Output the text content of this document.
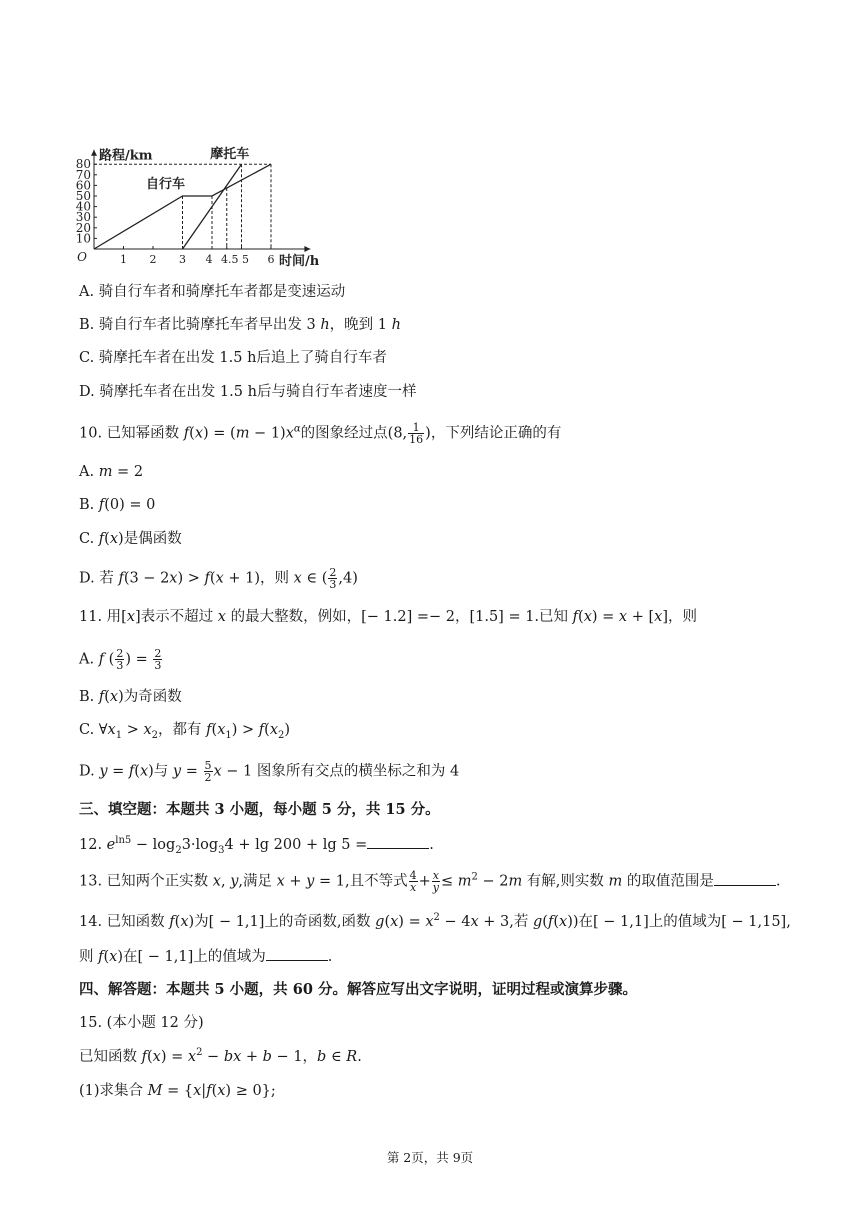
10
20
30
40
50
60
70
80
1 2 3 4 4.5 5 6
O
路程/km
时间/h
自行车
摩托车
A. 骑自行车者和骑摩托车者都是变速运动
B. 骑自行车者比骑摩托车者早出发 3 h，晚到 1 h
C. 骑摩托车者在出发 1.5 h后追上了骑自行车者
D. 骑摩托车者在出发 1.5 h后与骑自行车者速度一样
10. 已知幂函数 $f(x) = (m - 1)x^\alpha$的图象经过点(8, $\frac{1}{16}$ )，下列结论正确的有
A. m = 2
B. f(0) = 0
C. f(x)是偶函数
D. 若 f(3 − 2x) > f(x + 1)，则 x ∈ ( $\frac{2}{3} ,4$)
11. 用[x]表示不超过 x 的最大整数，例如，[− 1.2] =− 2，[1.5] = 1.已知 f(x) = x + [x]，则
A. f ( $\frac{2}{3}$ ) = $\frac{2}{3}$
B. f(x)为奇函数
C. $\forall x_1 > x_2$，都有 $f(x_1) > f(x_2)$
D. y = f(x)与 $y = \frac{5}{2}$ x − 1 图象所有交点的横坐标之和为 4
三、填空题：本题共 3 小题，每小题 5 分，共 15 分。
12. $e^{ln5} - \log_23\cdot\log_34 + \lg 200 + \lg 5$ =	.
13. 已知两个正实数 x, y,满足 x + y = 1,且不等式 $\frac{4}{x} + \frac{x}{y} \le m^2 - 2m$ 有解,则实数 m 的取值范围是	.
14. 已知函数 f(x)为[ − 1,1]上的奇函数,函数 $g(x) = x^2 - 4x + 3$,若 g(f(x))在[ − 1,1]上的值域为[ − 1,15],
则 f(x)在[ − 1,1]上的值域为	.
四、解答题：本题共 5 小题，共 60 分。解答应写出文字说明，证明过程或演算步骤。
15. (本小题 12 分)
已知函数 $f(x) = x^2$ − bx + b − 1，b ∈ R.
(1)求集合 M = {x|f(x) ≥ 0};
第 2页，共 9页
